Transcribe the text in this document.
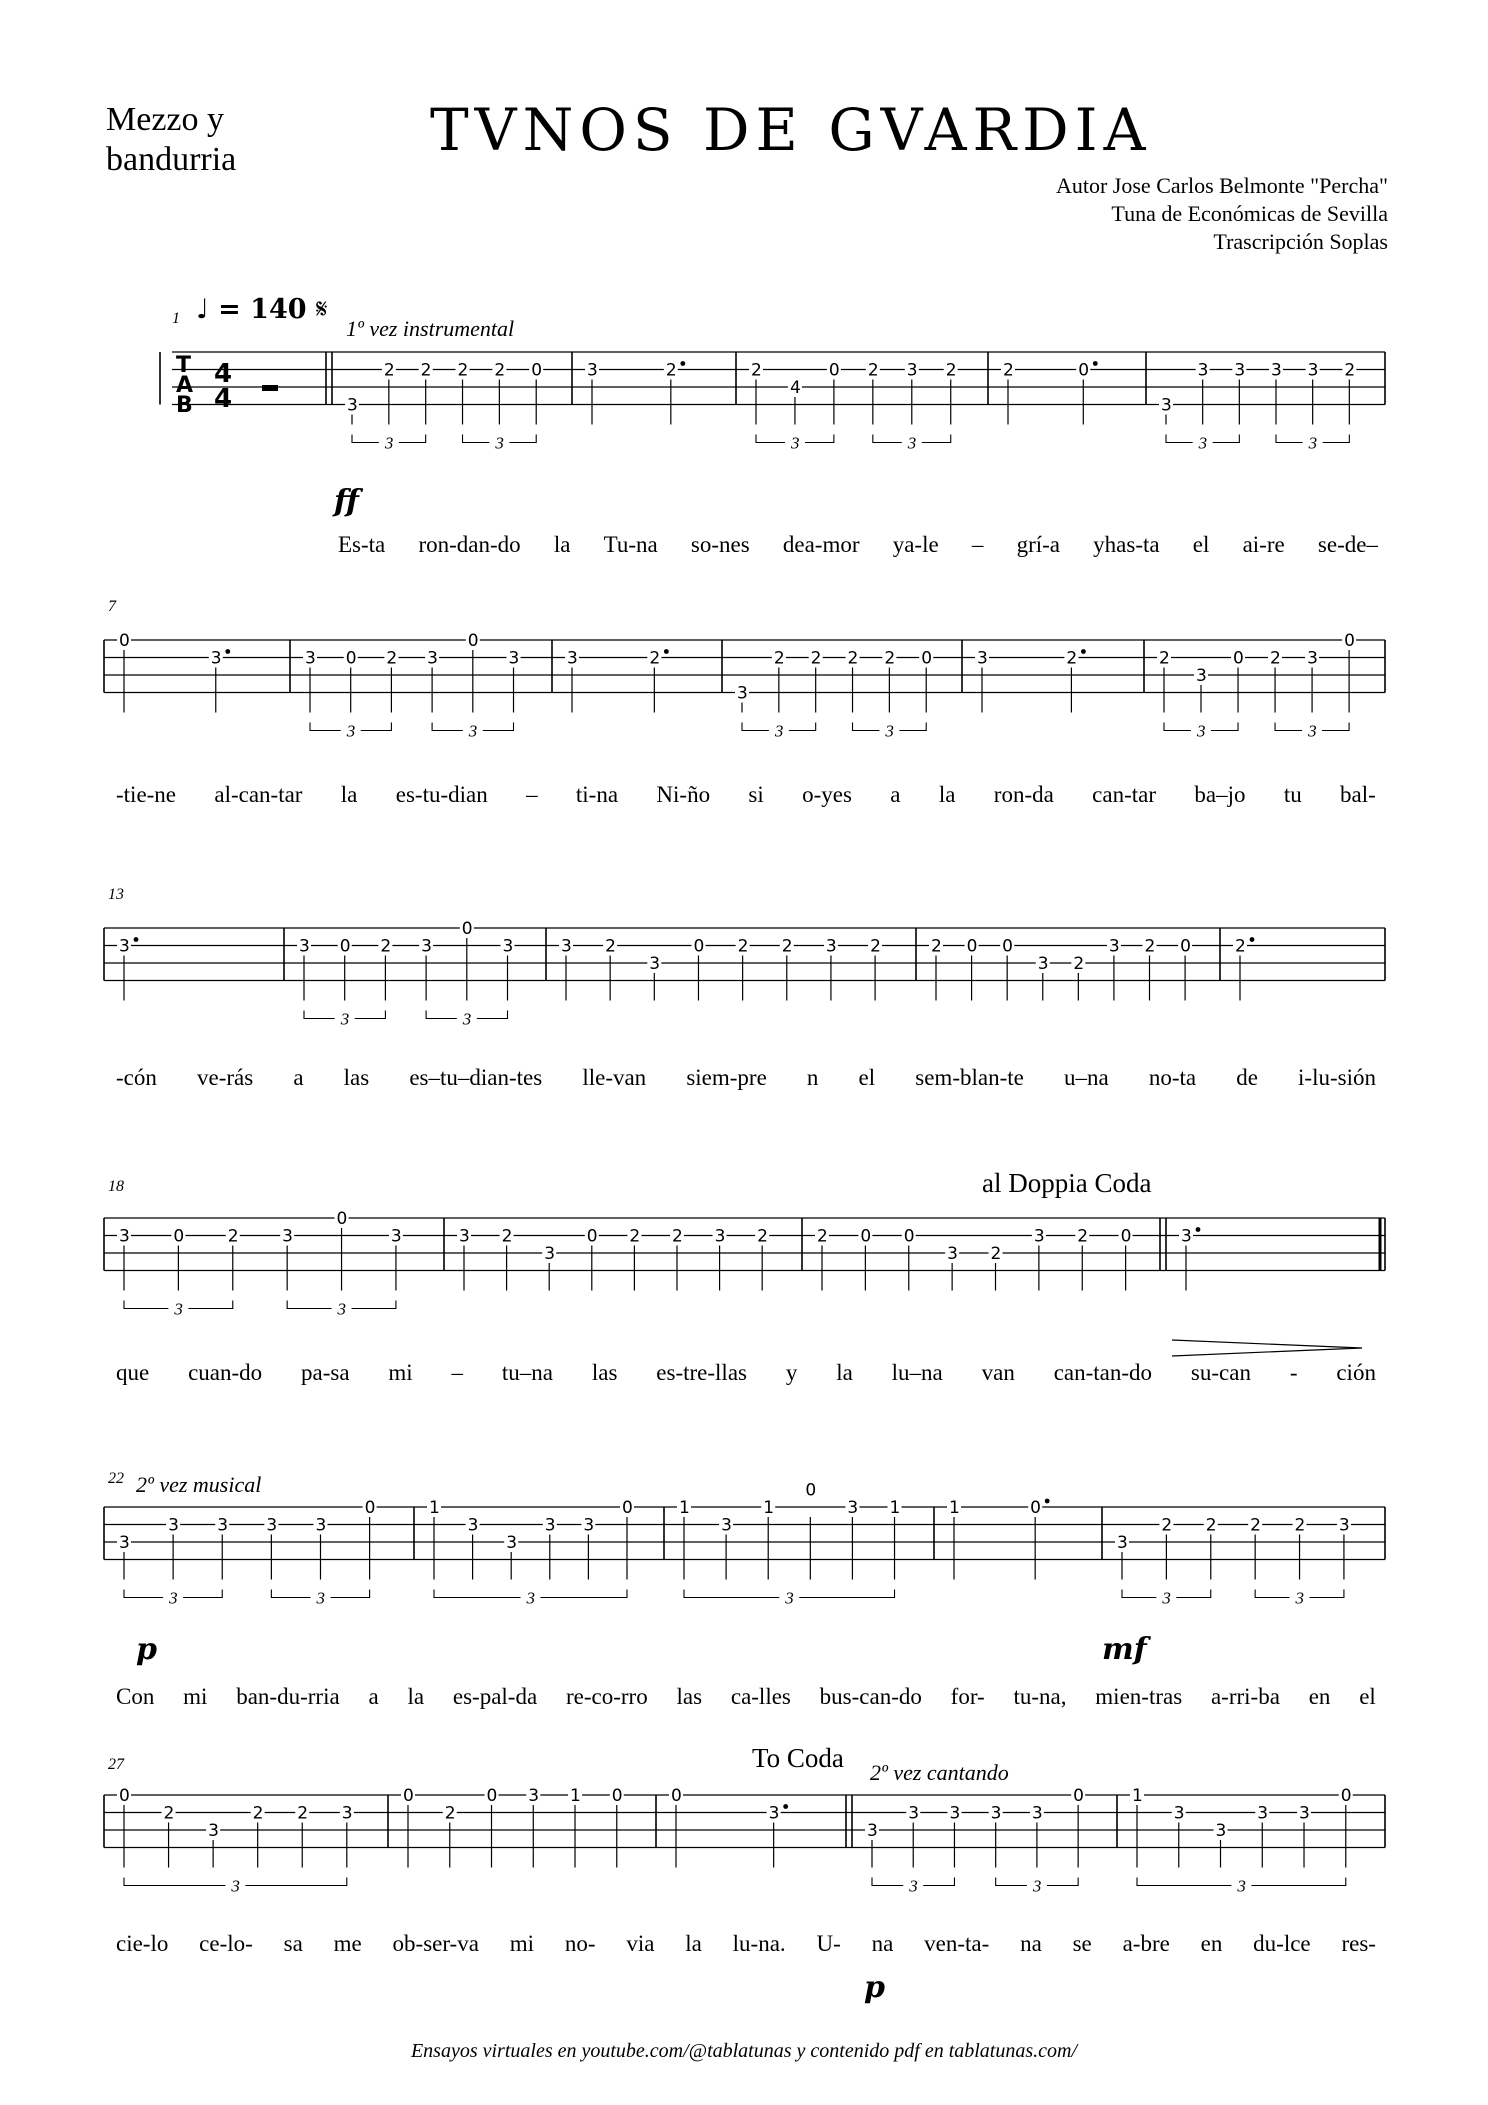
Mezzo y
bandurria	TVNOS DE GVARDIA
Autor Jose Carlos Belmonte "Percha"
Tuna de Económicas de Sevilla
Trascripción Soplas
♩ = 140 𝄋
1º vez instrumental
al Doppia Coda
2º vez musical
To Coda 2º vez cantando
ff
p	mf
p
T
A
B
4
4	3
2 2 2 2 0
3	3
3	2	2
4
0 2 3 2
3	3
2	0
3
3 3 3 3 2
3	3
0
3	3 0 2 3
0
3
3	3
3	2
3
2 2 2 2 0
3	3
3	2	2
3
0 2 3
0
3	3
3	3 0 2 3
0
3
3	3
3 2
3
0 2 2 3 2	2 0 0
3 2
3 2 0	2
3	0	2	3
0
3
3	3
3 2
3
0 2 2 3 2	2 0 0
3 2
3 2 0	3
3
3 3 3 3
0
3	3
1
3
3
3 3
0
3
1
3
1
0
3 1
3
1	0
3
2 2 2 2 3
3	3
0
2
3
2 2 3
3
0
2
0 3 1 0	0
3
3
3 3 3 3
0
3	3
1
3
3
3 3
0
3
1
7
13
18
22
27
Es-ta ron-dan-do la Tu-na so-nes dea-mor ya-le – grí-a yhas-ta el ai-re se-de–
-tie-ne al-can-tar la es-tu-dian – ti-na Ni-ño si o-yes a la ron-da can-tar ba–jo tu bal-
-cón ve-rás a las es–tu–dian-tes lle-van siem-pre n el sem-blan-te u–na no-ta de i-lu-sión
que cuan-do pa-sa mi – tu–na las es-tre-llas y la lu–na van can-tan-do su-can - ción
Con mi ban-du-rria a la es-pal-da re-co-rro las ca-lles bus-can-do for- tu-na, mien-tras a-rri-ba en el
cie-lo ce-lo- sa me ob-ser-va mi no- via la lu-na. U- na ven-ta- na se a-bre en du-lce res-
Ensayos virtuales en youtube.com/@tablatunas y contenido pdf en tablatunas.com/
